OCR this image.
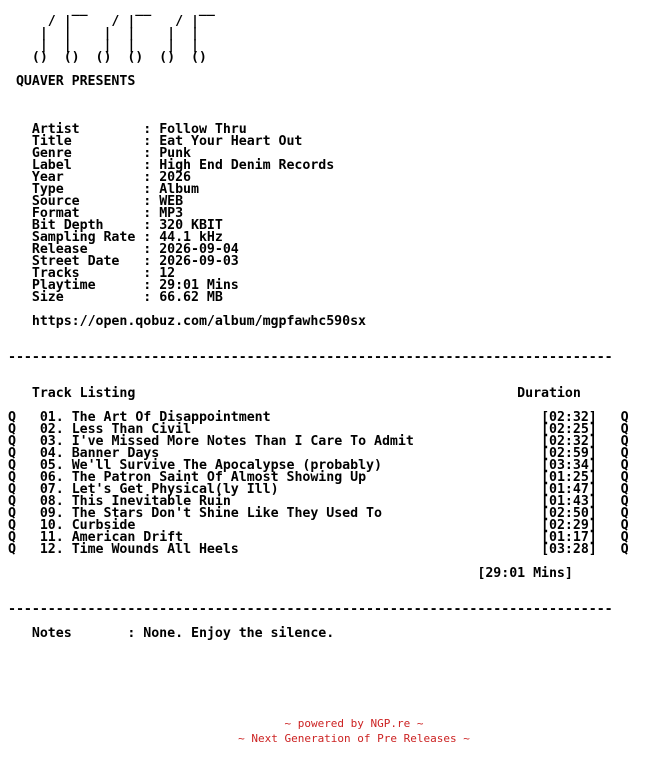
__      __      __
/ |     / |     / |
|  |    |  |    |  |
|  |    |  |    |  |
()  ()  ()  ()  ()  ()

QUAVER PRESENTS

Artist        : Follow Thru
Title         : Eat Your Heart Out
Genre         : Punk
Label         : High End Denim Records
Year          : 2026
Type          : Album
Source        : WEB
Format        : MP3
Bit Depth     : 320 KBIT
Sampling Rate : 44.1 kHz
Release       : 2026-09-04
Street Date   : 2026-09-03
Tracks        : 12
Playtime      : 29:01 Mins
Size          : 66.62 MB

https://open.qobuz.com/album/mgpfawhc590sx

----------------------------------------------------------------------------

Track Listing                                                Duration

Q 01. The Art Of Disappointment                                  [02:32] Q
Q 02. Less Than Civil                                            [02:25] Q
Q 03. I've Missed More Notes Than I Care To Admit                [02:32] Q
Q 04. Banner Days                                                [02:59] Q
Q 05. We'll Survive The Apocalypse (probably)                    [03:34] Q
Q 06. The Patron Saint Of Almost Showing Up                      [01:25] Q
Q 07. Let's Get Physical(ly Ill)                                 [01:47] Q
Q 08. This Inevitable Ruin                                       [01:43] Q
Q 09. The Stars Don't Shine Like They Used To                    [02:50] Q
Q 10. Curbside                                                   [02:29] Q
Q 11. American Drift                                             [01:17] Q
Q 12. Time Wounds All Heels                                      [03:28] Q

[29:01 Mins]

----------------------------------------------------------------------------

Notes       : None. Enjoy the silence.
~ powered by NGP.re ~
~ Next Generation of Pre Releases ~
